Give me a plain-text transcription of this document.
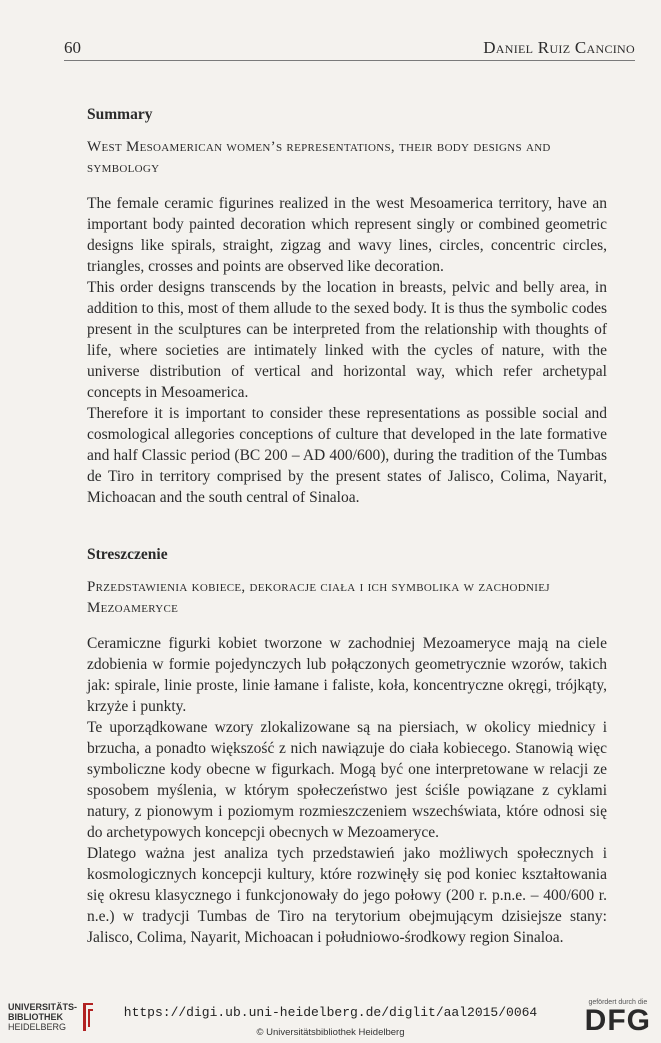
60	Daniel Ruiz Cancino

Summary

West Mesoamerican women’s representations, their body designs and symbology

The female ceramic figurines realized in the west Mesoamerica territory, have an important body painted decoration which represent singly or combined geometric designs like spirals, straight, zigzag and wavy lines, circles, concentric circles, triangles, crosses and points are observed like decoration.

This order designs transcends by the location in breasts, pelvic and belly area, in addition to this, most of them allude to the sexed body. It is thus the symbolic codes present in the sculptures can be interpreted from the relationship with thoughts of life, where societies are intimately linked with the cycles of nature, with the universe distribution of vertical and horizontal way, which refer archetypal concepts in Mesoamerica.

Therefore it is important to consider these representations as possible social and cosmological allegories conceptions of culture that developed in the late formative and half Classic period (BC 200 – AD 400/600), during the tradition of the Tumbas de Tiro in territory comprised by the present states of Jalisco, Colima, Nayarit, Michoacan and the south central of Sinaloa.

Streszczenie

Przedstawienia kobiece, dekoracje ciała i ich symbolika w zachodniej Mezoameryce

Ceramiczne figurki kobiet tworzone w zachodniej Mezoameryce mają na ciele zdobienia w formie pojedynczych lub połączonych geometrycznie wzorów, takich jak: spirale, linie proste, linie łamane i faliste, koła, koncentryczne okręgi, trójkąty, krzyże i punkty.

Te uporządkowane wzory zlokalizowane są na piersiach, w okolicy miednicy i brzucha, a ponadto większość z nich nawiązuje do ciała kobiecego. Stanowią więc symboliczne kody obecne w figurkach. Mogą być one interpretowane w relacji ze sposobem myślenia, w którym społeczeństwo jest ściśle powiązane z cyklami natury, z pionowym i poziomym rozmieszczeniem wszechświata, które odnosi się do archetypowych koncepcji obecnych w Mezoameryce.

Dlatego ważna jest analiza tych przedstawień jako możliwych społecznych i kosmologicznych koncepcji kultury, które rozwinęły się pod koniec kształtowania się okresu klasycznego i funkcjonowały do jego połowy (200 r. p.n.e. – 400/600 r. n.e.) w tradycji Tumbas de Tiro na terytorium obejmującym dzisiejsze stany: Jalisco, Colima, Nayarit, Michoacan i południowo-środkowy region Sinaloa.

UNIVERSITÄTS-
BIBLIOTHEK
HEIDELBERG
https://digi.ub.uni-heidelberg.de/diglit/aal2015/0064
© Universitätsbibliothek Heidelberg
gefördert durch die
DFG
